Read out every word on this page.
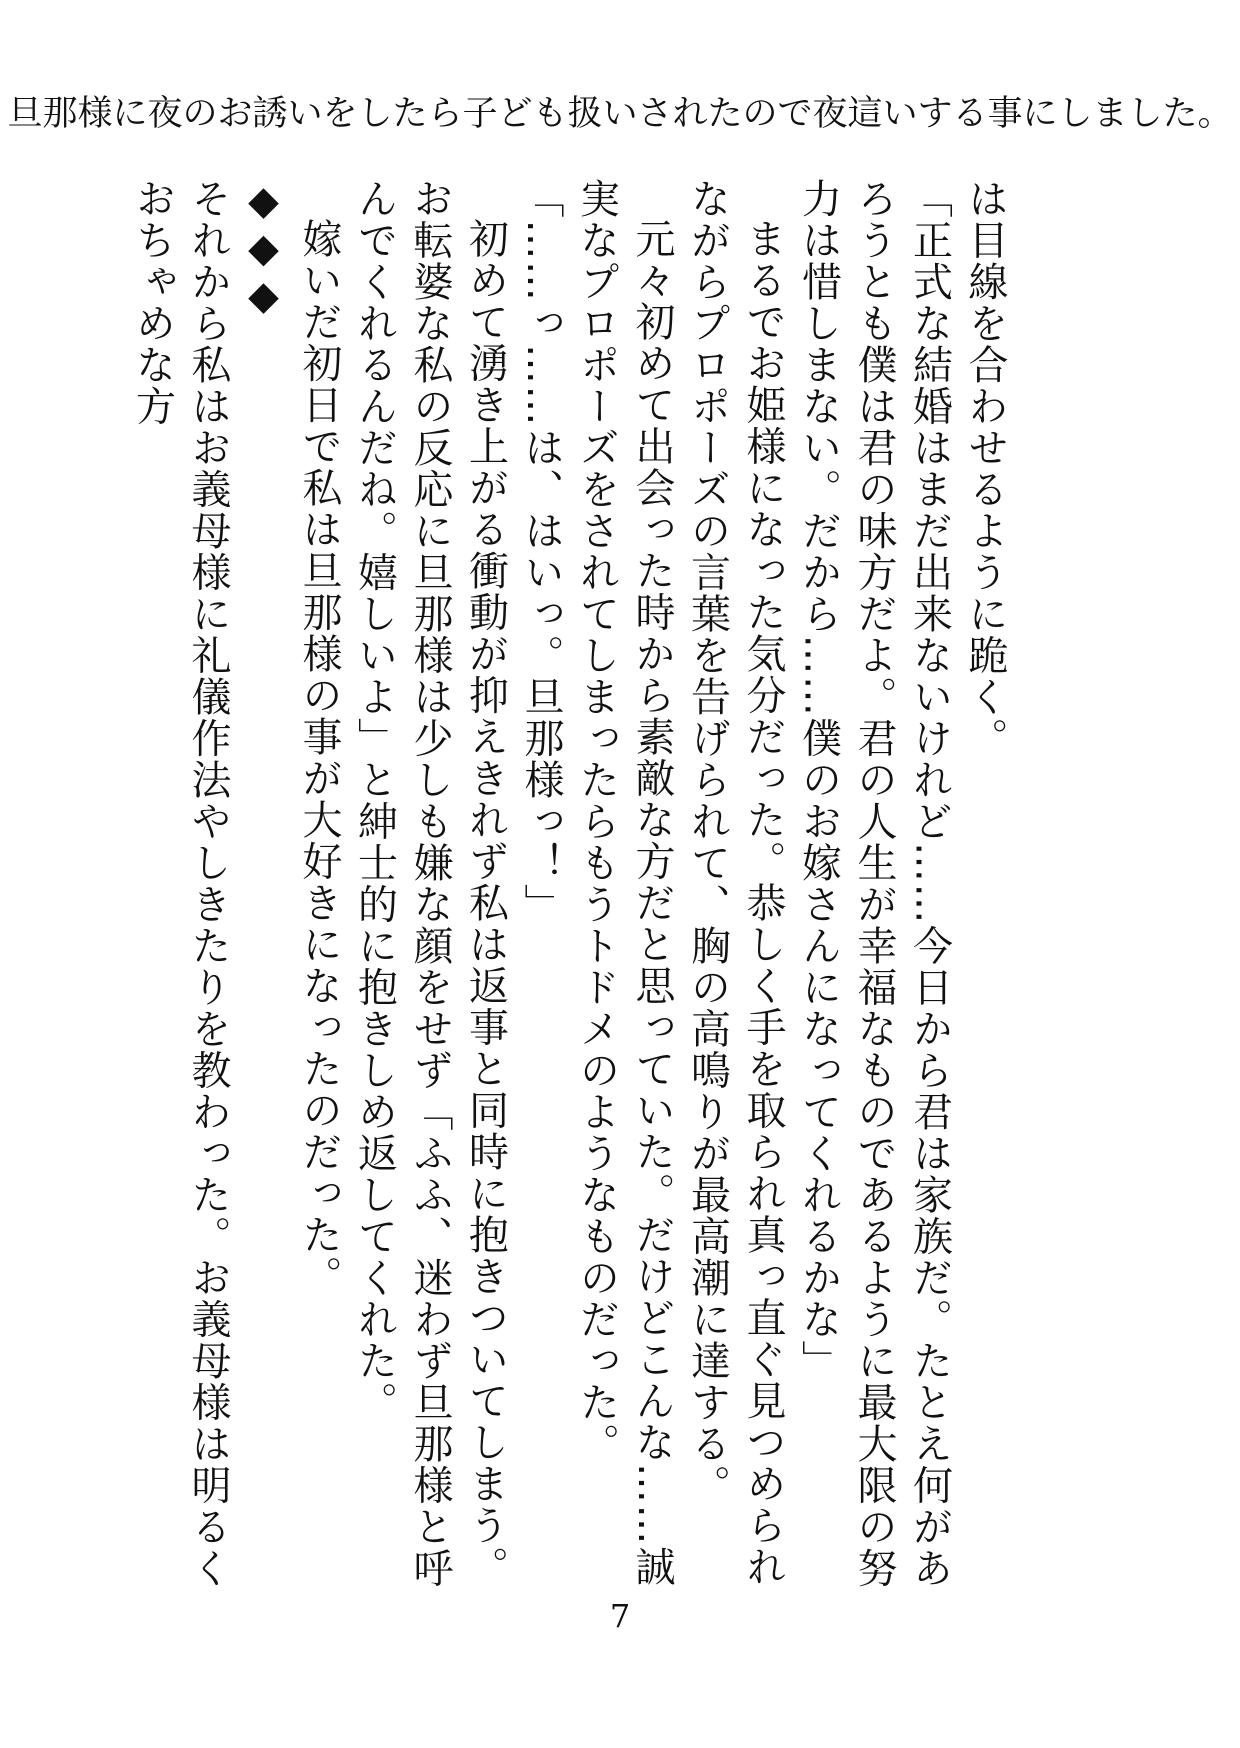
旦那様に夜のお誘いをしたら子ども扱いされたので夜這いする事にしました。

は目線を合わせるように跪く。

「正式な結婚はまだ出来ないけれど……今日から君は家族だ。たとえ何があろうとも僕は君の味方だよ。君の人生が幸福なものであるように最大限の努力は惜しまない。だから……僕のお嫁さんになってくれるかな」

まるでお姫様になった気分だった。恭しく手を取られ真っ直ぐ見つめられながらプロポーズの言葉を告げられて、胸の高鳴りが最高潮に達する。

元々初めて出会った時から素敵な方だと思っていた。だけどこんな……誠実なプロポーズをされてしまったらもうトドメのようなものだった。

「……っ……は、はいっ。旦那様っ！」

初めて湧き上がる衝動が抑えきれず私は返事と同時に抱きついてしまう。お転婆な私の反応に旦那様は少しも嫌な顔をせず「ふふ、迷わず旦那様と呼んでくれるんだね。嬉しいよ」と紳士的に抱きしめ返してくれた。

嫁いだ初日で私は旦那様の事が大好きになったのだった。

◆◆◆

それから私はお義母様に礼儀作法やしきたりを教わった。お義母様は明るくおちゃめな方

7
